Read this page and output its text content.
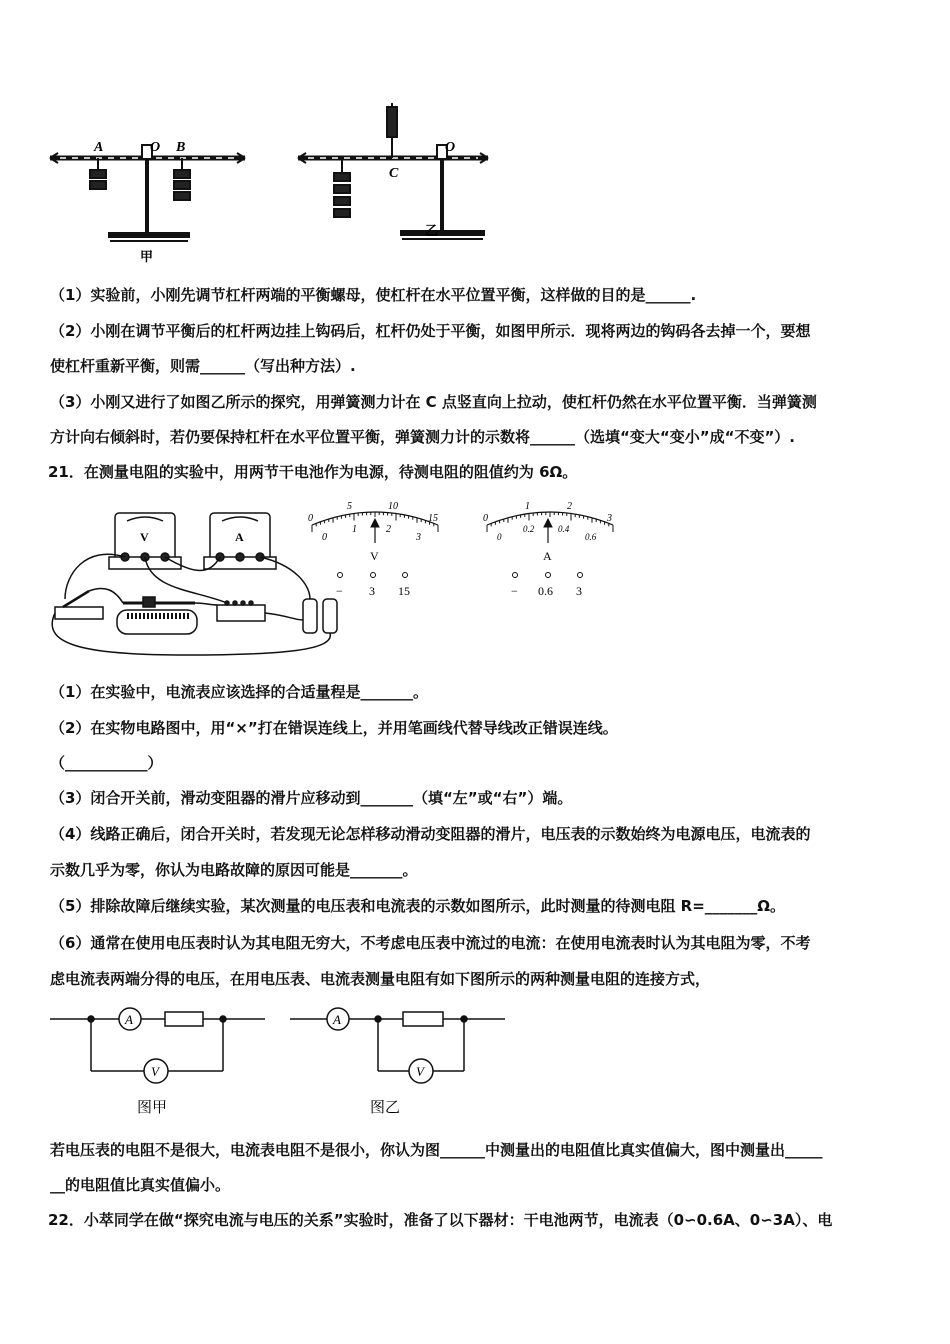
A	O B
甲
C
O
乙
（1）实验前，小刚先调节杠杆两端的平衡螺母，使杠杆在水平位置平衡，这样做的目的是______.
（2）小刚在调节平衡后的杠杆两边挂上钩码后，杠杆仍处于平衡，如图甲所示．现将两边的钩码各去掉一个，要想
使杠杆重新平衡，则需______（写出种方法）.
（3）小刚又进行了如图乙所示的探究，用弹簧测力计在 C 点竖直向上拉动，使杠杆仍然在水平位置平衡．当弹簧测
方计向右倾斜时，若仍要保持杠杆在水平位置平衡，弹簧测力计的示数将______（选填“变大“变小”成“不变”）.
21．在测量电阻的实验中，用两节干电池作为电源，待测电阻的阻值约为 6Ω。
V	A
0
5	10
15
0
1	2
3
V
− 3 15
0
1	2
3
0
0.2	0.4
0.6
A
− 0.6 3
（1）在实验中，电流表应该选择的合适量程是_______。
（2）在实物电路图中，用“×”打在错误连线上，并用笔画线代替导线改正错误连线。
（___________）
（3）闭合开关前，滑动变阻器的滑片应移动到_______（填“左”或“右”）端。
（4）线路正确后，闭合开关时，若发现无论怎样移动滑动变阻器的滑片，电压表的示数始终为电源电压，电流表的
示数几乎为零，你认为电路故障的原因可能是_______。
（5）排除故障后继续实验，某次测量的电压表和电流表的示数如图所示，此时测量的待测电阻 R=_______Ω。
（6）通常在使用电压表时认为其电阻无穷大，不考虑电压表中流过的电流：在使用电流表时认为其电阻为零，不考
虑电流表两端分得的电压，在用电压表、电流表测量电阻有如下图所示的两种测量电阻的连接方式，
A
V
图甲
A
V
图乙
若电压表的电阻不是很大，电流表电阻不是很小，你认为图______中测量出的电阻值比真实值偏大，图中测量出_____
__的电阻值比真实值偏小。
22．小萃同学在做“探究电流与电压的关系”实验时，准备了以下器材：干电池两节，电流表（0∽0.6A、0∽3A）、电
